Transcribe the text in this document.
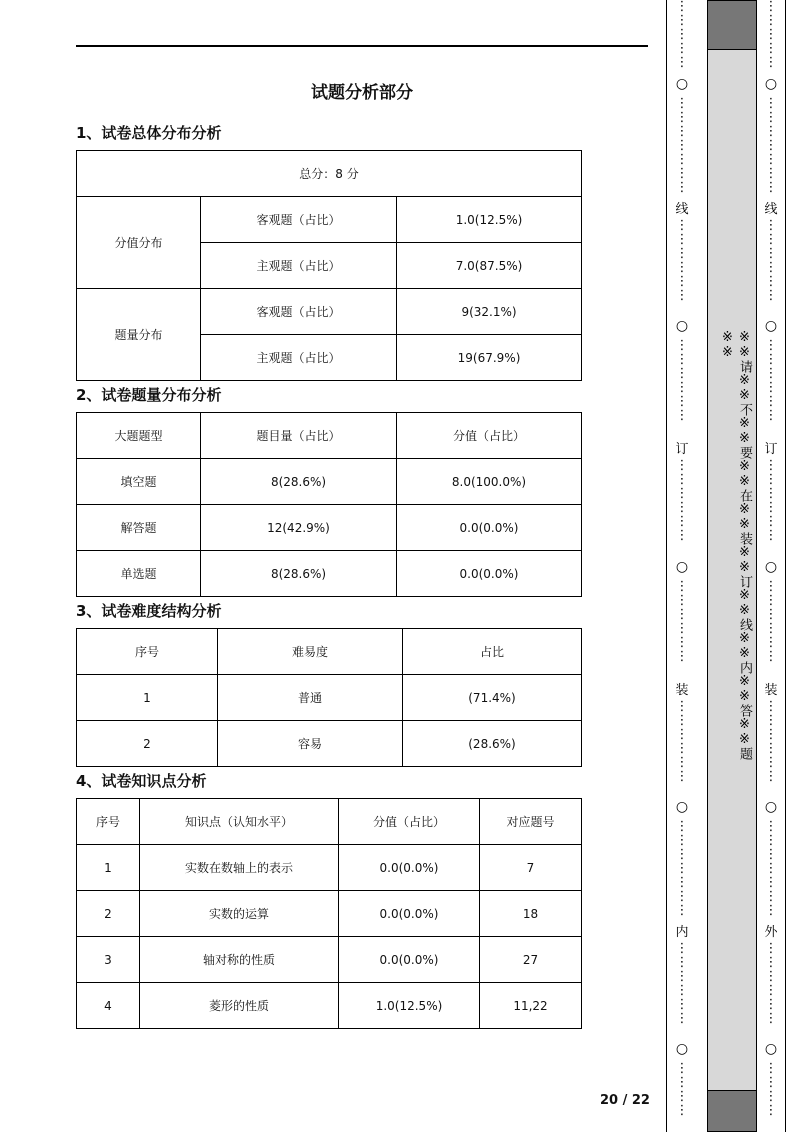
试题分析部分
1、试卷总体分布分析
总分：8 分		
分值分布	客观题（占比）	1.0(12.5%)
	主观题（占比）	7.0(87.5%)
题量分布	客观题（占比）	9(32.1%)
	主观题（占比）	19(67.9%)
2、试卷题量分布分析
大题题型	题目量（占比）	分值（占比）
填空题	8(28.6%)	8.0(100.0%)
解答题	12(42.9%)	0.0(0.0%)
单选题	8(28.6%)	0.0(0.0%)
3、试卷难度结构分析
序号	难易度	占比
1	普通	(71.4%)
2	容易	(28.6%)
4、试卷知识点分析
序号	知识点（认知水平）	分值（占比）	对应题号
1	实数在数轴上的表示	0.0(0.0%)	7
2	实数的运算	0.0(0.0%)	18
3	轴对称的性质	0.0(0.0%)	27
4	菱形的性质	1.0(12.5%)	11,22
20 / 22
⋮
⋮
⋮
⋮
⋮
⋮
⋮
⋮
⋮
⋮
⋮
⋮
⋮
⋮
⋮
⋮
⋮
⋮
⋮
⋮
⋮
⋮
⋮
⋮
⋮
⋮
⋮
⋮
⋮
⋮
⋮
⋮
⋮
⋮
⋮
⋮
⋮
⋮
⋮
⋮
⋮
⋮
⋮
⋮
⋮
⋮
⋮
⋮
⋮
⋮
⋮
⋮
⋮
⋮
⋮
⋮
⋮
⋮
⋮
○
线
○
订
○
装
○
内
○
⋮
⋮
⋮
⋮
⋮
⋮
⋮
⋮
⋮
⋮
⋮
⋮
⋮
⋮
⋮
⋮
⋮
⋮
⋮
⋮
⋮
⋮
⋮
⋮
⋮
⋮
⋮
⋮
⋮
⋮
⋮
⋮
⋮
⋮
⋮
⋮
⋮
⋮
⋮
⋮
⋮
⋮
⋮
⋮
⋮
⋮
⋮
⋮
⋮
⋮
⋮
⋮
⋮
⋮
⋮
⋮
⋮
⋮
⋮
○
线
○
订
○
装
○
外
○
※※请※※不※※要※※在※※装※※订※※线※※内※※答※※题※※
